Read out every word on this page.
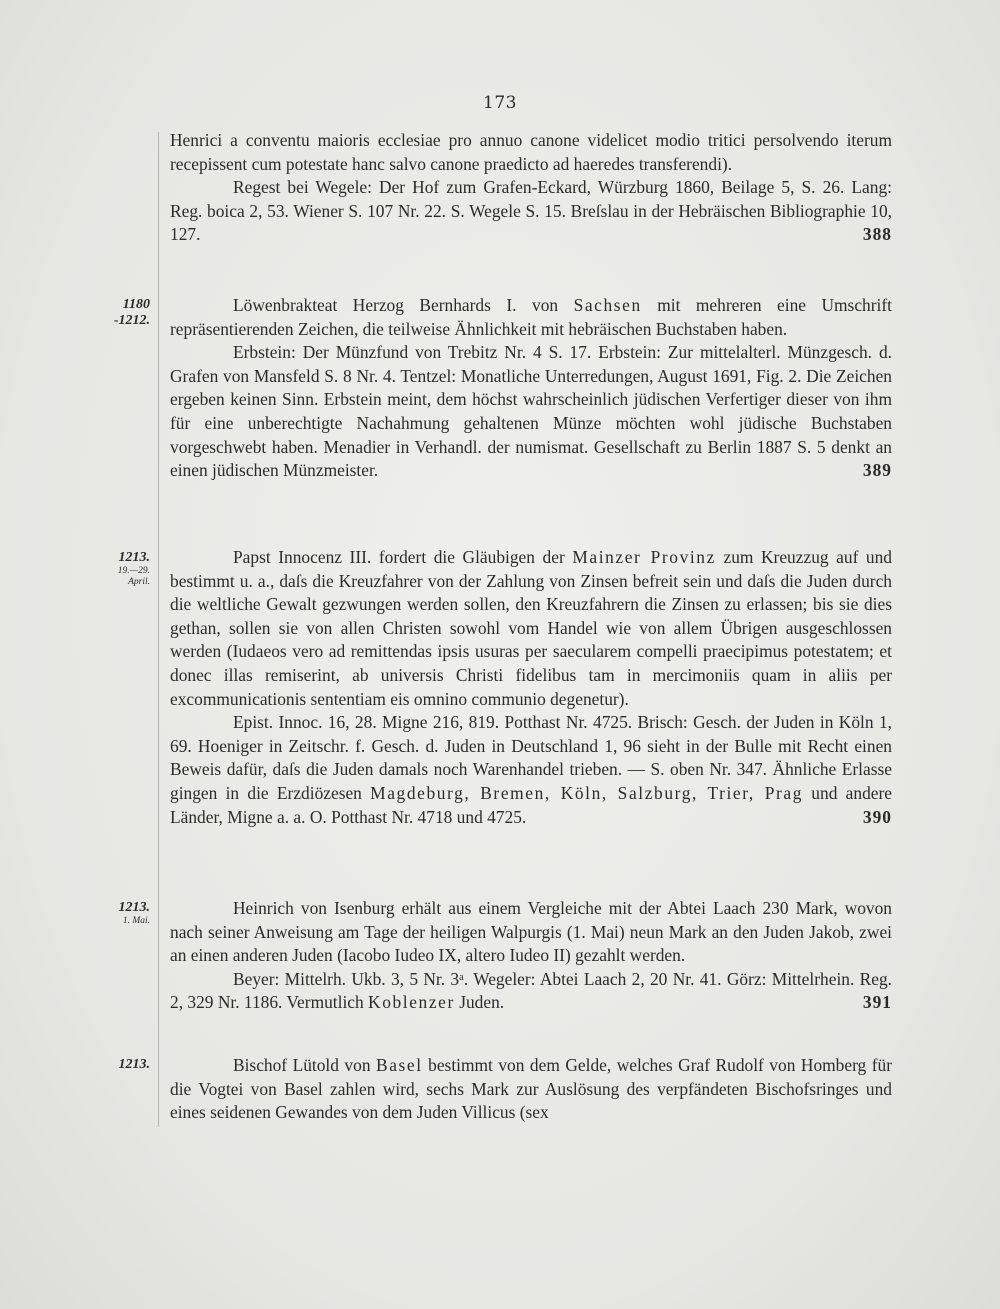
173

Henrici a conventu maioris ecclesiae pro annuo canone videlicet modio tritici persolvendo iterum recepissent cum potestate hanc salvo canone praedicto ad haeredes transferendi).

Regest bei Wegele: Der Hof zum Grafen-Eckard, Würzburg 1860, Beilage 5, S. 26. Lang: Reg. boica 2, 53. Wiener S. 107 Nr. 22. S. Wegele S. 15. Breſslau in der Hebräischen Bibliographie 10, 127.	388

1180
-1212.

Löwenbrakteat Herzog Bernhards I. von Sachsen mit mehreren eine Umschrift repräsentierenden Zeichen, die teilweise Ähnlichkeit mit hebräischen Buchstaben haben.

Erbstein: Der Münzfund von Trebitz Nr. 4 S. 17. Erbstein: Zur mittelalterl. Münzgesch. d. Grafen von Mansfeld S. 8 Nr. 4. Tentzel: Monatliche Unterredungen, August 1691, Fig. 2. Die Zeichen ergeben keinen Sinn. Erbstein meint, dem höchst wahrscheinlich jüdischen Verfertiger dieser von ihm für eine unberechtigte Nachahmung gehaltenen Münze möchten wohl jüdische Buchstaben vorgeschwebt haben. Menadier in Verhandl. der numismat. Gesellschaft zu Berlin 1887 S. 5 denkt an einen jüdischen Münzmeister.	389

1213.
19.—29.
April.

Papst Innocenz III. fordert die Gläubigen der Mainzer Provinz zum Kreuzzug auf und bestimmt u. a., daſs die Kreuzfahrer von der Zahlung von Zinsen befreit sein und daſs die Juden durch die weltliche Gewalt gezwungen werden sollen, den Kreuzfahrern die Zinsen zu erlassen; bis sie dies gethan, sollen sie von allen Christen sowohl vom Handel wie von allem Übrigen ausgeschlossen werden (Iudaeos vero ad remittendas ipsis usuras per saecularem compelli praecipimus potestatem; et donec illas remiserint, ab universis Christi fidelibus tam in mercimoniis quam in aliis per excommunicationis sententiam eis omnino communio degenetur).

Epist. Innoc. 16, 28. Migne 216, 819. Potthast Nr. 4725. Brisch: Gesch. der Juden in Köln 1, 69. Hoeniger in Zeitschr. f. Gesch. d. Juden in Deutschland 1, 96 sieht in der Bulle mit Recht einen Beweis dafür, daſs die Juden damals noch Warenhandel trieben. — S. oben Nr. 347. Ähnliche Erlasse gingen in die Erzdiözesen Magdeburg, Bremen, Köln, Salzburg, Trier, Prag und andere Länder, Migne a. a. O. Potthast Nr. 4718 und 4725.	390

1213.
1. Mai.

Heinrich von Isenburg erhält aus einem Vergleiche mit der Abtei Laach 230 Mark, wovon nach seiner Anweisung am Tage der heiligen Walpurgis (1. Mai) neun Mark an den Juden Jakob, zwei an einen anderen Juden (Iacobo Iudeo IX, altero Iudeo II) gezahlt werden.

Beyer: Mittelrh. Ukb. 3, 5 Nr. 3ᵃ. Wegeler: Abtei Laach 2, 20 Nr. 41. Görz: Mittelrhein. Reg. 2, 329 Nr. 1186. Vermutlich Koblenzer Juden.	391

1213.	Bischof Lütold von Basel bestimmt von dem Gelde, welches Graf Rudolf von Homberg für die Vogtei von Basel zahlen wird, sechs Mark zur Auslösung des verpfändeten Bischofsringes und eines seidenen Gewandes von dem Juden Villicus (sex
